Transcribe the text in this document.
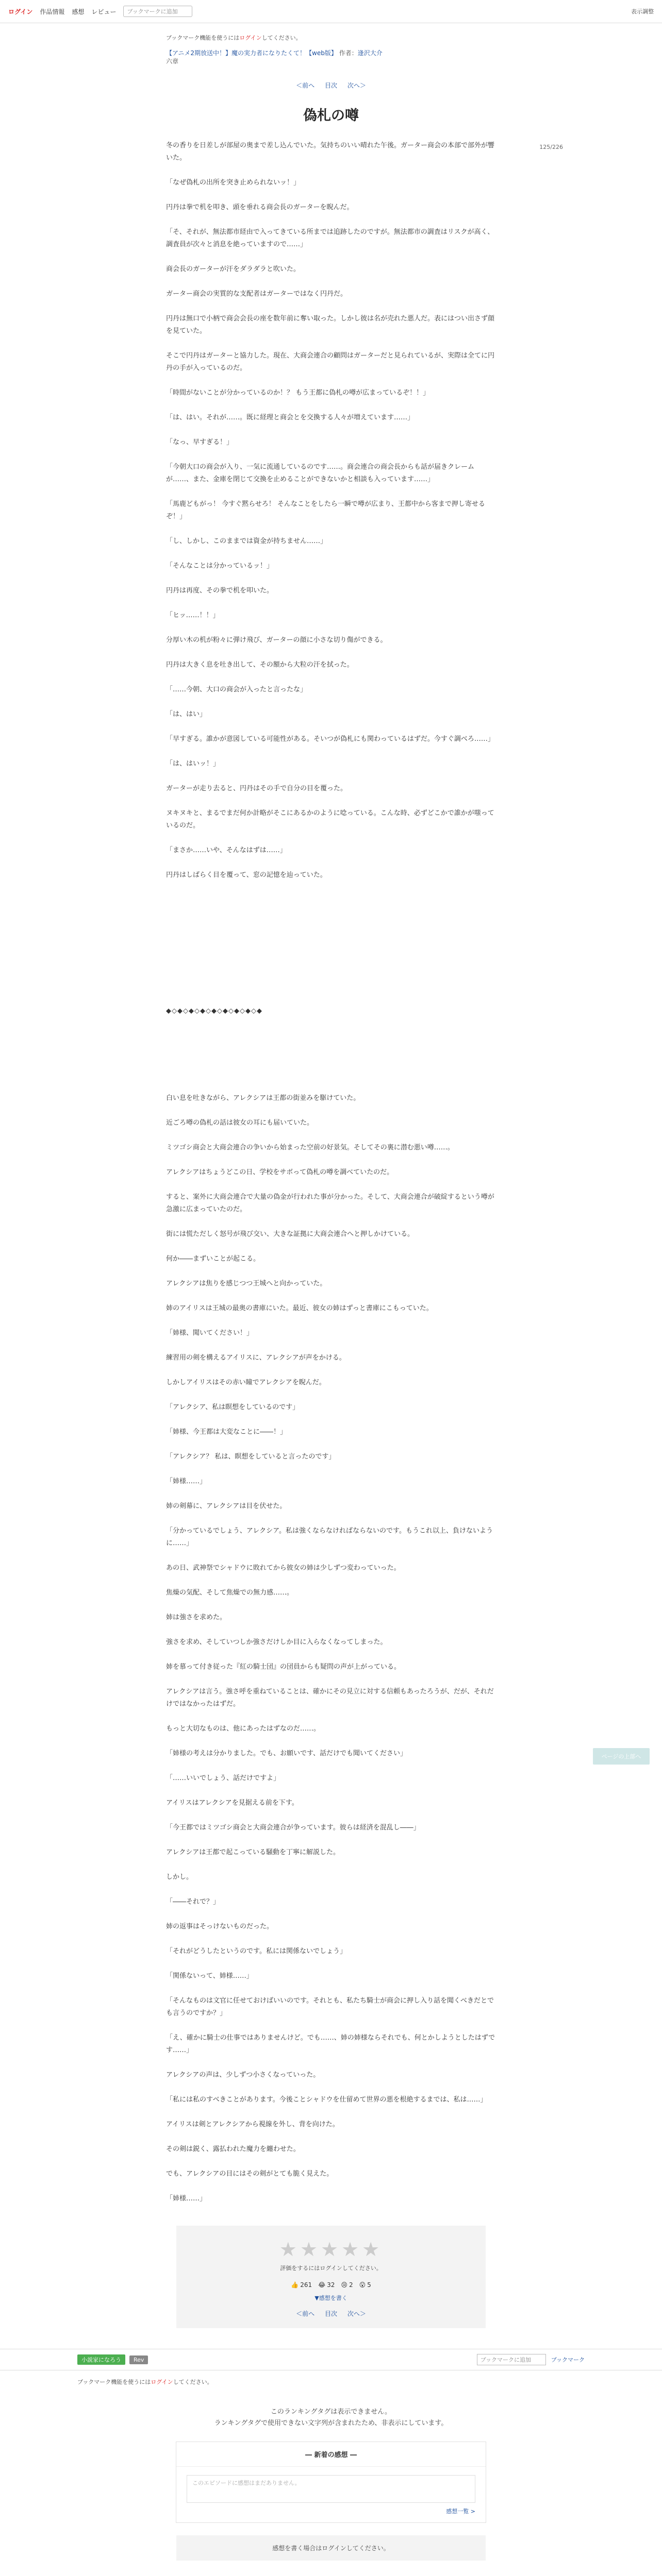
ログイン 作品情報 感想 レビュー	ブックマークに追加	表示調整
ブックマーク機能を使うにはログインしてください。
【アニメ2期放送中！】魔の実力者になりたくて！【web版】 作者：逢沢大介
六章
＜前へ 目次 次へ＞
125/226
偽札の噂

冬の香りを日差しが部屋の奥まで差し込んでいた。気持ちのいい晴れた午後。ガーター商会の本部で部外が響いた。

「なぜ偽札の出所を突き止められないッ！」

円丹は拳で机を叩き、頭を垂れる商会長のガーターを睨んだ。

「そ、それが、無法都市経由で入ってきている所までは追跡したのですが。無法都市の調査はリスクが高く、調査員が次々と消息を絶っていますので……」

商会長のガーターが汗をダラダラと吹いた。

ガーター商会の実質的な支配者はガーターではなく円丹だ。

円丹は無口で小柄で商会会長の座を数年前に奪い取った。しかし彼は名が売れた悪人だ。表にはつい出さず顔を見ていた。

そこで円丹はガーターと協力した。現在、大商会連合の顧問はガーターだと見られているが、実際は全てに円丹の手が入っているのだ。

「時間がないことが分かっているのか！？ もう王都に偽札の噂が広まっているぞ！！」

「は、はい。それが……。既に経理と商会とを交換する人々が増えています……」

「なっ、早すぎる！」

「今朝大口の商会が入り、一気に流通しているのです……。商会連合の商会長からも話が届きクレームが……、また、金庫を閉じて交換を止めることができないかと相談も入っています……」

「馬鹿どもがっ！ 今すぐ黙らせろ！ そんなことをしたら一瞬で噂が広まり、王都中から客まで押し寄せるぞ！」

「し、しかし、このままでは資金が持ちません……」

「そんなことは分かっているッ！」

円丹は再度、その拳で机を叩いた。

「ヒッ……！！」

分厚い木の机が粉々に弾け飛び、ガーターの顔に小さな切り傷ができる。

円丹は大きく息を吐き出して、その額から大粒の汗を拭った。

「……今朝、大口の商会が入ったと言ったな」

「は、はい」

「早すぎる。誰かが意図している可能性がある。そいつが偽札にも関わっているはずだ。今すぐ調べろ……」

「は、はいッ！」

ガーターが走り去ると、円丹はその手で自分の目を覆った。

ヌキヌキと、まるでまだ何か計略がそこにあるかのように唸っている。こんな時、必ずどこかで誰かが嗤っているのだ。

「まさか……いや、そんなはずは……」

円丹はしばらく目を覆って、窓の記憶を辿っていた。

◆◇◆◇◆◇◆◇◆◇◆◇◆◇◆◇◆

白い息を吐きながら、アレクシアは王都の街並みを駆けていた。

近ごろ噂の偽札の話は彼女の耳にも届いていた。

ミツゴシ商会と大商会連合の争いから始まった空前の好景気。そしてその裏に潜む悪い噂……。

アレクシアはちょうどこの日、学校をサボって偽札の噂を調べていたのだ。

すると、案外に大商会連合で大量の偽金が行われた事が分かった。そして、大商会連合が破綻するという噂が急激に広まっていたのだ。

街には慌ただしく怒号が飛び交い、大きな証拠に大商会連合へと押しかけている。

何か――まずいことが起こる。

アレクシアは焦りを感じつつ王城へと向かっていた。

姉のアイリスは王城の最奥の書庫にいた。最近、彼女の姉はずっと書庫にこもっていた。

「姉様、聞いてください！」

練習用の剣を構えるアイリスに、アレクシアが声をかける。

しかしアイリスはその赤い瞳でアレクシアを睨んだ。

「アレクシア、私は瞑想をしているのです」

「姉様、今王都は大変なことに――！」

「アレクシア？ 私は、瞑想をしていると言ったのです」

「姉様……」

姉の剣幕に、アレクシアは目を伏せた。

「分かっているでしょう、アレクシア。私は強くならなければならないのです。もうこれ以上、負けないように……」

あの日、武神祭でシャドウに敗れてから彼女の姉は少しずつ変わっていった。

焦燥の気配、そして焦燥での無力感……。

姉は強さを求めた。

強さを求め、そしていつしか強さだけしか目に入らなくなってしまった。

姉を慕って付き従った『紅の騎士団』の団員からも疑問の声が上がっている。

アレクシアは言う。強さ呼を重ねていることは、確かにその見立に対する信頼もあったろうが、だが、それだけではなかったはずだ。

もっと大切なものは、他にあったはずなのだ……。

「姉様の考えは分かりました。でも、お願いです、話だけでも聞いてください」

「……いいでしょう、話だけですよ」

アイリスはアレクシアを見据える前を下す。

「今王都ではミツゴシ商会と大商会連合が争っています。彼らは経済を混乱し――」

アレクシアは王都で起こっている騒動を丁寧に解説した。

しかし。

「――それで？」

姉の返事はそっけないものだった。

「それがどうしたというのです。私には関係ないでしょう」

「関係ないって、姉様……」

「そんなものは文官に任せておけばいいのです。それとも、私たち騎士が商会に押し入り話を聞くべきだとでも言うのですか？」

「え、確かに騎士の仕事ではありませんけど。でも……、姉の姉様ならそれでも、何とかしようとしたはずです……」

アレクシアの声は、少しずつ小さくなっていった。

「私には私のすべきことがあります。今後ことシャドウを仕留めて世界の悪を根絶するまでは、私は……」

アイリスは剣とアレクシアから視線を外し、背を向けた。

その剣は鋭く、露払われた魔力を纏わせた。

でも、アレクシアの目にはその剣がとても脆く見えた。

「姉様……」

ページの上部へ
★★★★★
評価をするにはログインしてください。
👍 261 😂 32 😢 2 😮 5
▼感想を書く
＜前へ 目次 次へ＞
小説家になろう	Rev	ブックマークに追加	ブックマーク
ブックマーク機能を使うにはログインしてください。
このランキングタグは表示できません。
ランキングタグで使用できない文字列が含まれたため、非表示にしています。
― 新着の感想 ―
このエピソードに感想はまだありません。
感想一覧 >
感想を書く場合はログインしてください。
